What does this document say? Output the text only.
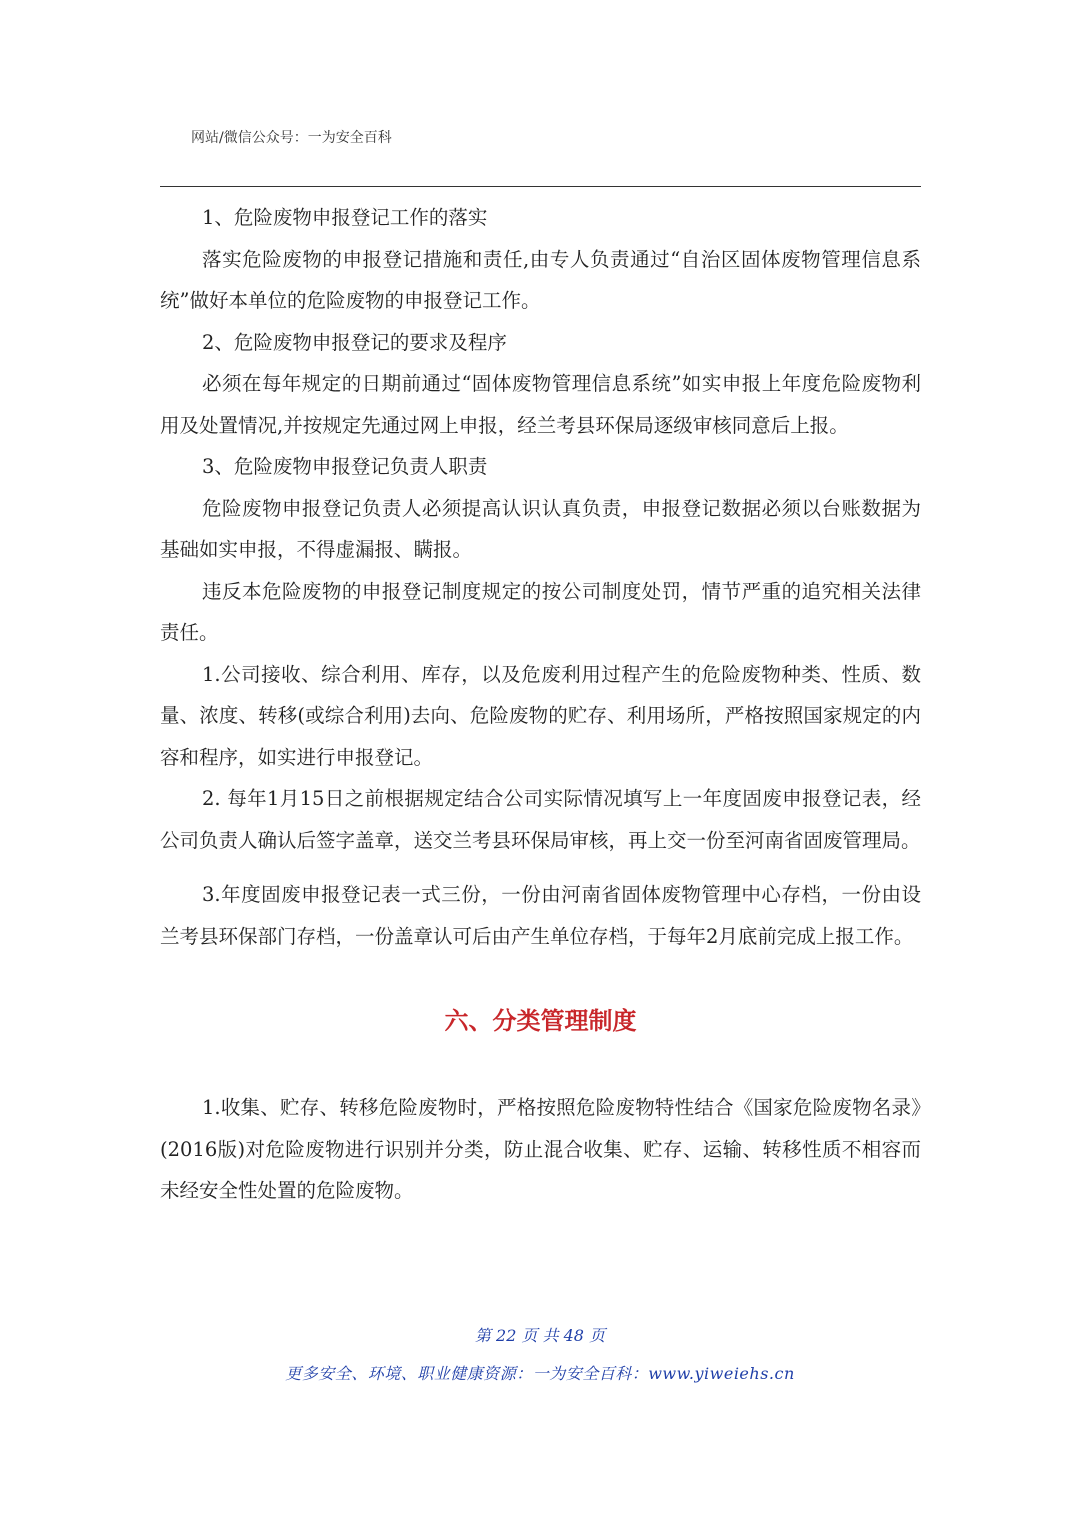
网站/微信公众号：一为安全百科

1、危险废物申报登记工作的落实

落实危险废物的申报登记措施和责任,由专人负责通过“自治区固体废物管理信息系统”做好本单位的危险废物的申报登记工作。

2、危险废物申报登记的要求及程序

必须在每年规定的日期前通过“固体废物管理信息系统”如实申报上年度危险废物利用及处置情况,并按规定先通过网上申报，经兰考县环保局逐级审核同意后上报。

3、危险废物申报登记负责人职责

危险废物申报登记负责人必须提高认识认真负责，申报登记数据必须以台账数据为基础如实申报，不得虚漏报、瞒报。

违反本危险废物的申报登记制度规定的按公司制度处罚，情节严重的追究相关法律责任。

1.公司接收、综合利用、库存，以及危废利用过程产生的危险废物种类、性质、数量、浓度、转移(或综合利用)去向、危险废物的贮存、利用场所，严格按照国家规定的内容和程序，如实进行申报登记。

2. 每年1月15日之前根据规定结合公司实际情况填写上一年度固废申报登记表，经公司负责人确认后签字盖章，送交兰考县环保局审核，再上交一份至河南省固废管理局。

3.年度固废申报登记表一式三份，一份由河南省固体废物管理中心存档，一份由设兰考县环保部门存档，一份盖章认可后由产生单位存档，于每年2月底前完成上报工作。

六、分类管理制度

1.收集、贮存、转移危险废物时，严格按照危险废物特性结合《国家危险废物名录》(2016版)对危险废物进行识别并分类，防止混合收集、贮存、运输、转移性质不相容而未经安全性处置的危险废物。

第 22 页 共 48 页
更多安全、环境、职业健康资源：一为安全百科：www.yiweiehs.cn
